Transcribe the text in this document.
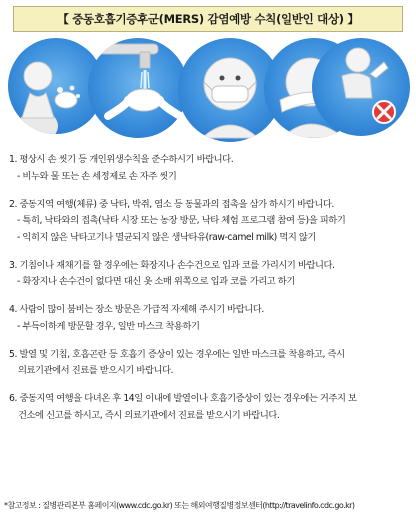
【 중동호흡기증후군(MERS) 감염예방 수칙(일반인 대상) 】
1. 평상시 손 씻기 등 개인위생수칙을 준수하시기 바랍니다.
- 비누와 물 또는 손 세정제로 손 자주 씻기
2. 중동지역 여행(체류) 중 낙타, 박쥐, 염소 등 동물과의 접촉을 삼가 하시기 바랍니다.
- 특히, 낙타와의 접촉(낙타 시장 또는 농장 방문, 낙타 체험 프로그램 참여 등)을 피하기
- 익히지 않은 낙타고기나 멸균되지 않은 생낙타유(raw-camel milk) 먹지 않기
3. 기침이나 재채기를 할 경우에는 화장지나 손수건으로 입과 코를 가리시기 바랍니다.
- 화장지나 손수건이 없다면 대신 옷 소매 위쪽으로 입과 코를 가리고 하기
4. 사람이 많이 붐비는 장소 방문은 가급적 자제해 주시기 바랍니다.
- 부득이하게 방문할 경우, 일반 마스크 착용하기
5. 발열 및 기침, 호흡곤란 등 호흡기 증상이 있는 경우에는 일반 마스크를 착용하고, 즉시
의료기관에서 진료를 받으시기 바랍니다.
6. 중동지역 여행을 다녀온 후 14일 이내에 발열이나 호흡기증상이 있는 경우에는 거주지 보
건소에 신고를 하시고, 즉시 의료기관에서 진료를 받으시기 바랍니다.
*참고정보 : 질병관리본부 홈페이지(www.cdc.go.kr) 또는 해외여행질병정보센터(http://travelinfo.cdc.go.kr)
